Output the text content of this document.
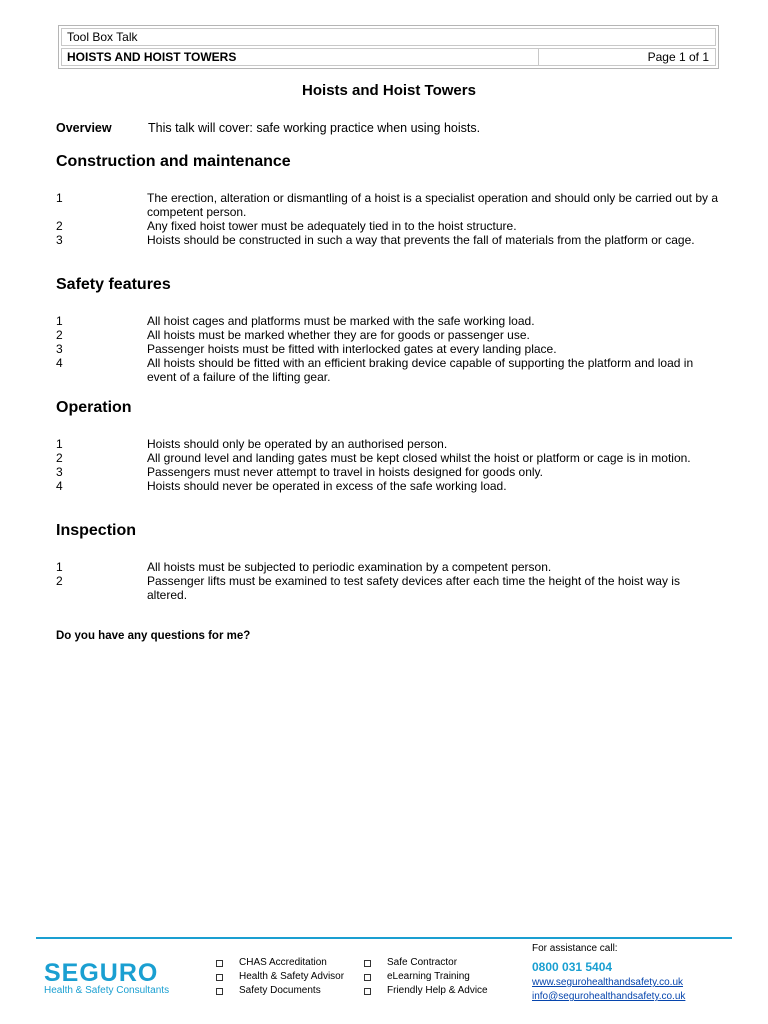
Tool Box Talk
HOISTS AND HOIST TOWERS	Page 1 of 1
Hoists and Hoist Towers
Overview	This talk will cover: safe working practice when using hoists.
Construction and maintenance
1	The erection, alteration or dismantling of a hoist is a specialist operation and should only be carried out by a competent person.
2	Any fixed hoist tower must be adequately tied in to the hoist structure.
3	Hoists should be constructed in such a way that prevents the fall of materials from the platform or cage.
Safety features
1	All hoist cages and platforms must be marked with the safe working load.
2	All hoists must be marked whether they are for goods or passenger use.
3	Passenger hoists must be fitted with interlocked gates at every landing place.
4	All hoists should be fitted with an efficient braking device capable of supporting the platform and load in event of a failure of the lifting gear.
Operation
1	Hoists should only be operated by an authorised person.
2	All ground level and landing gates must be kept closed whilst the hoist or platform or cage is in motion.
3	Passengers must never attempt to travel in hoists designed for goods only.
4	Hoists should never be operated in excess of the safe working load.
Inspection
1	All hoists must be subjected to periodic examination by a competent person.
2	Passenger lifts must be examined to test safety devices after each time the height of the hoist way is altered.
Do you have any questions for me?
SEGURO
Health & Safety Consultants
CHAS Accreditation
Health & Safety Advisor
Safety Documents
Safe Contractor
eLearning Training
Friendly Help & Advice
For assistance call:
0800 031 5404
www.segurohealthandsafety.co.uk
info@segurohealthandsafety.co.uk
